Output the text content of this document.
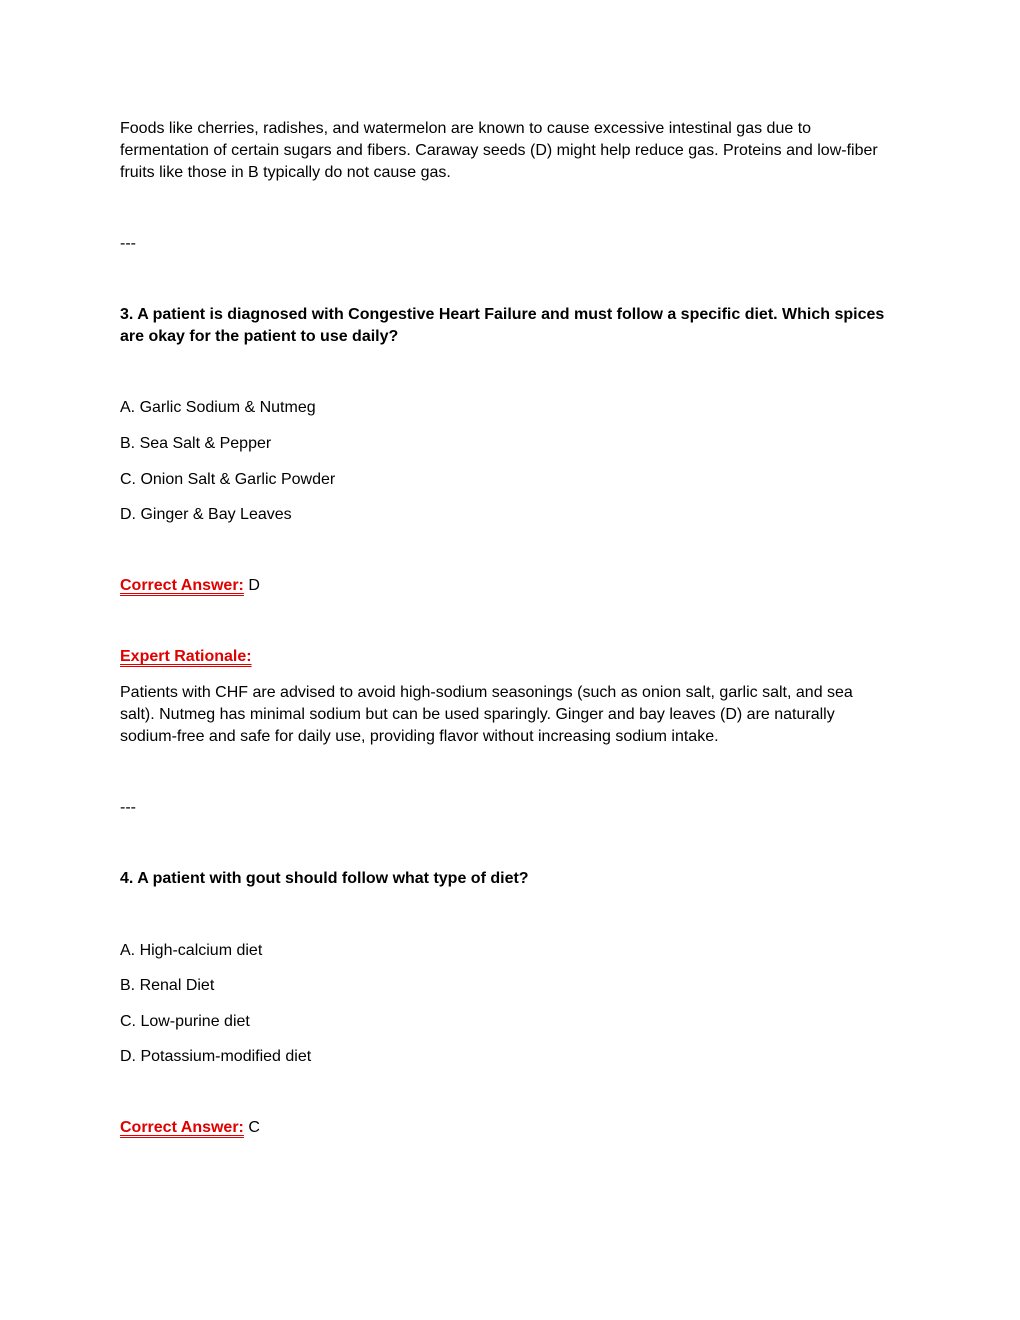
Foods like cherries, radishes, and watermelon are known to cause excessive intestinal gas due to fermentation of certain sugars and fibers. Caraway seeds (D) might help reduce gas. Proteins and low-fiber fruits like those in B typically do not cause gas.

---

3. A patient is diagnosed with Congestive Heart Failure and must follow a specific diet. Which spices are okay for the patient to use daily?

A. Garlic Sodium & Nutmeg

B. Sea Salt & Pepper

C. Onion Salt & Garlic Powder

D. Ginger & Bay Leaves

Correct Answer: D

Expert Rationale:

Patients with CHF are advised to avoid high-sodium seasonings (such as onion salt, garlic salt, and sea salt). Nutmeg has minimal sodium but can be used sparingly. Ginger and bay leaves (D) are naturally sodium-free and safe for daily use, providing flavor without increasing sodium intake.

---

4. A patient with gout should follow what type of diet?

A. High-calcium diet

B. Renal Diet

C. Low-purine diet

D. Potassium-modified diet

Correct Answer: C
